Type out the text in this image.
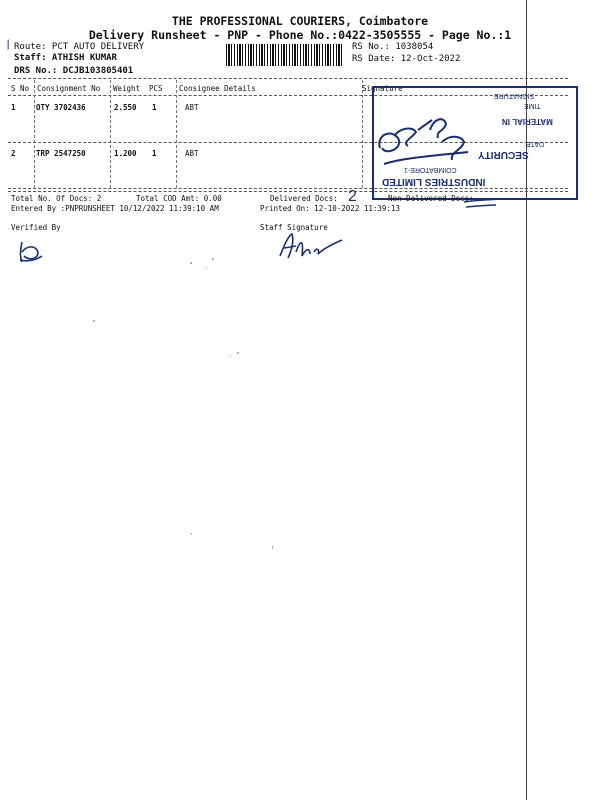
THE PROFESSIONAL COURIERS, Coimbatore
Delivery Runsheet - PNP - Phone No.:0422-3505555 - Page No.:1
/ Route: PCT AUTO DELIVERY
Staff: ATHISH KUMAR
DRS No.: DCJB103805401
RS No.: 1038054
RS Date: 12-Oct-2022
S No Consignment No Weight PCS Consignee Details	Signature
1	OTY 3702436	2.550 1	ABT
2	TRP 2547250	1.200 1	ABT
SIGNATURE
TIME
MATERIAL IN
DATE:
SECURITY
COIMBATORE-1
INDUSTRIES LIMITED
Total No. Of Docs: 2	Total COD Amt: 0.00	Delivered Docs: 2	Non Delivered Docs:
Entered By :PNPRUNSHEET 10/12/2022 11:39:10 AM	Printed On: 12-10-2022 11:39:13
Verified By	Staff Signature
